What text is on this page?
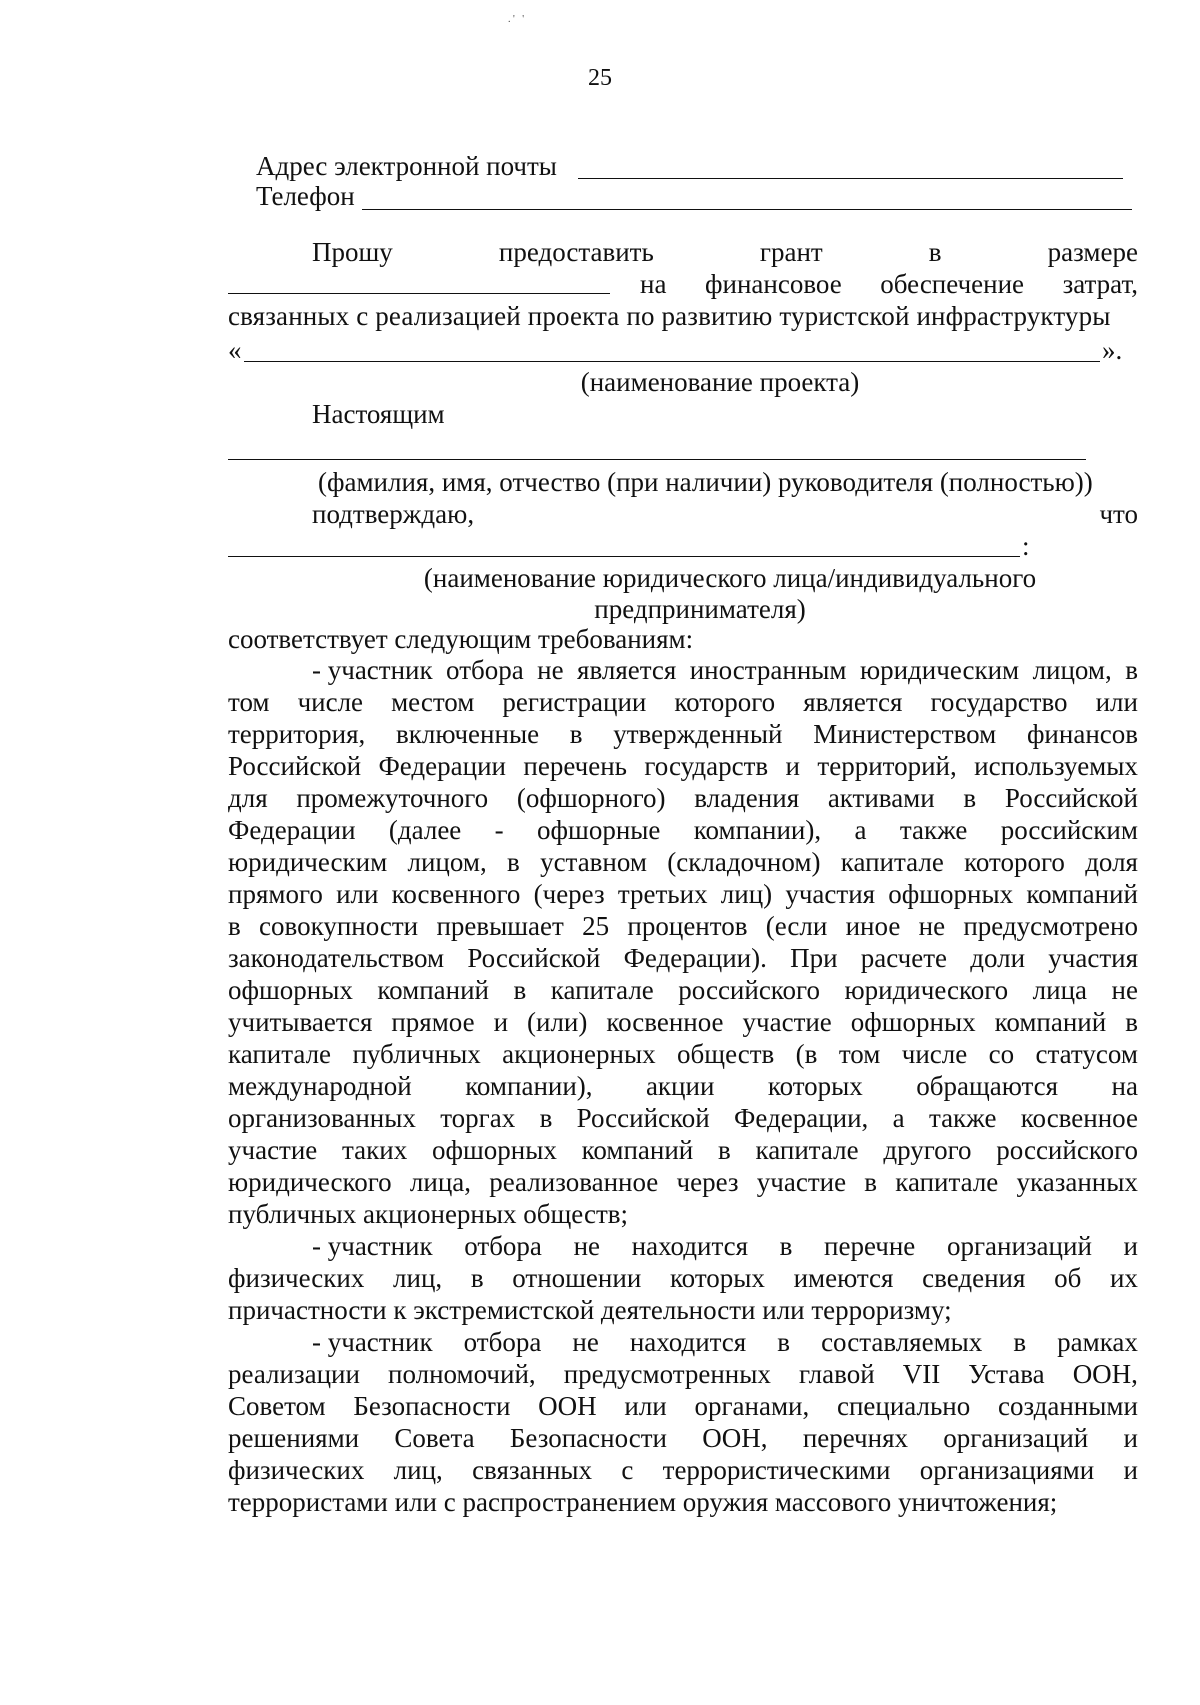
. '   '
25
Адрес электронной почты
Телефон
Прошу	предоставить	грант	в	размере
на финансовое обеспечение затрат,
связанных с реализацией проекта по развитию туристской инфраструктуры
«	».
(наименование проекта)
Настоящим
(фамилия, имя, отчество (при наличии) руководителя (полностью))
подтверждаю,	что
:
(наименование юридического лица/индивидуального
предпринимателя)
соответствует следующим требованиям:
- участник отбора не является иностранным юридическим лицом, в
том числе местом регистрации которого является государство или
территория, включенные в утвержденный Министерством финансов
Российской Федерации перечень государств и территорий, используемых
для промежуточного (офшорного) владения активами в Российской
Федерации (далее - офшорные компании), а также российским
юридическим лицом, в уставном (складочном) капитале которого доля
прямого или косвенного (через третьих лиц) участия офшорных компаний
в совокупности превышает 25 процентов (если иное не предусмотрено
законодательством Российской Федерации). При расчете доли участия
офшорных компаний в капитале российского юридического лица не
учитывается прямое и (или) косвенное участие офшорных компаний в
капитале публичных акционерных обществ (в том числе со статусом
международной компании), акции которых обращаются на
организованных торгах в Российской Федерации, а также косвенное
участие таких офшорных компаний в капитале другого российского
юридического лица, реализованное через участие в капитале указанных
публичных акционерных обществ;
- участник отбора не находится в перечне организаций и
физических лиц, в отношении которых имеются сведения об их
причастности к экстремистской деятельности или терроризму;
- участник отбора не находится в составляемых в рамках
реализации полномочий, предусмотренных главой VII Устава ООН,
Советом Безопасности ООН или органами, специально созданными
решениями Совета Безопасности ООН, перечнях организаций и
физических лиц, связанных с террористическими организациями и
террористами или с распространением оружия массового уничтожения;
